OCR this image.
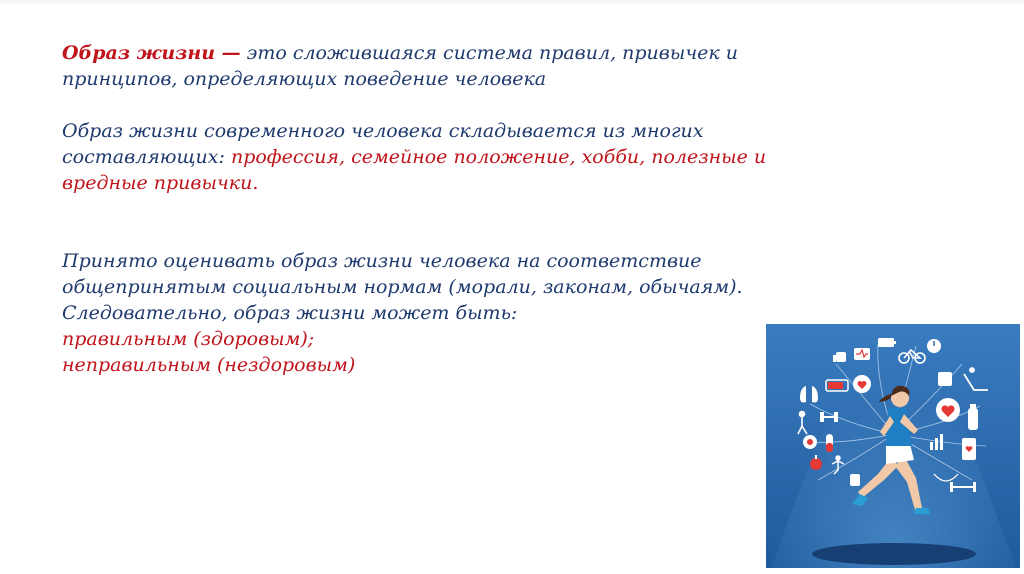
Образ жизни — это сложившаяся система правил, привычек и
принципов, определяющих поведение человека

Образ жизни современного человека складывается из многих
составляющих: профессия, семейное положение, хобби, полезные и
вредные привычки.

Принято оценивать образ жизни человека на соответствие
общепринятым социальным нормам (морали, законам, обычаям).
Следовательно, образ жизни может быть:
правильным (здоровым);
неправильным (нездоровым)
